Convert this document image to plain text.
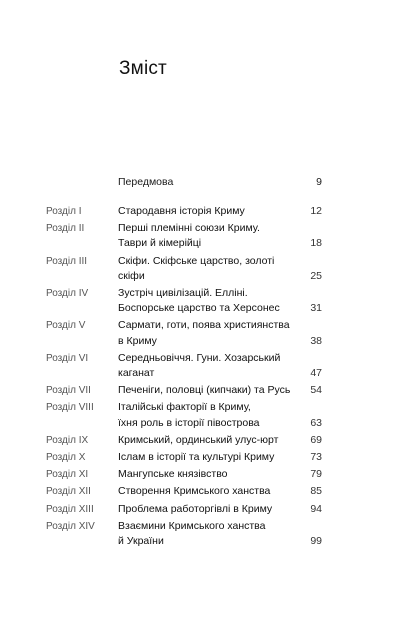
Зміст
Передмова	9
Розділ I	Стародавня історія Криму	12
Розділ II	Перші племінні союзи Криму.
Таври й кімерійці	18
Розділ III	Скіфи. Скіфське царство, золоті скіфи	25
Розділ IV	Зустріч цивілізацій. Еллінi.
Боспорське царство та Херсонес	31
Розділ V	Сармати, готи, поява християнства
в Криму	38
Розділ VI	Середньовіччя. Гуни. Хозарський
каганат	47
Розділ VII	Печеніги, половці (кипчаки) та Русь	54
Розділ VIII Італійські факторії в Криму,
їхня роль в історії півострова	63
Розділ IX	Кримський, ординський улус-юрт	69
Розділ X	Іслам в історії та культурі Криму	73
Розділ XI	Мангупське князівство	79
Розділ XII	Створення Кримського ханства	85
Розділ XIII Проблема работоргівлі в Криму	94
Розділ XIV Взаємини Кримського ханства
й України	99
